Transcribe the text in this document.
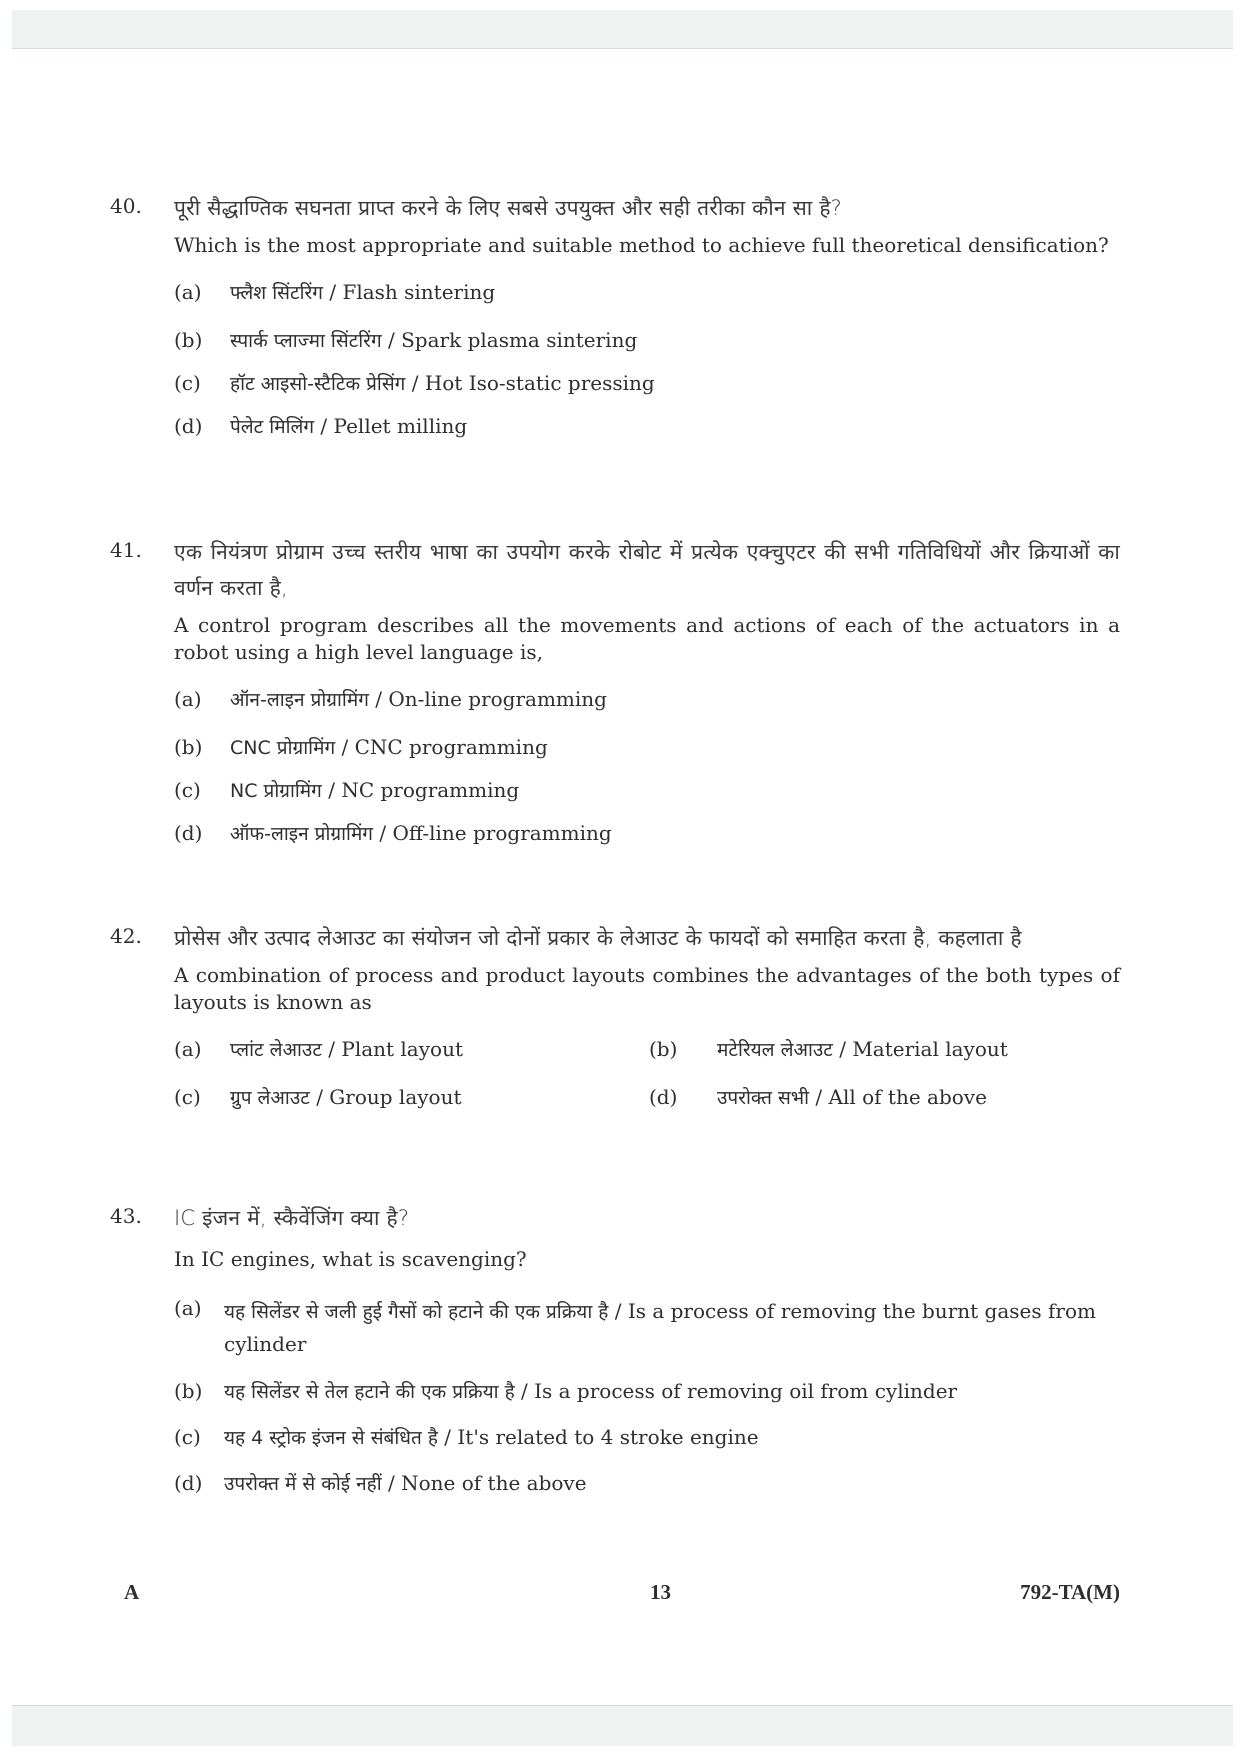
40. पूरी सैद्धाण्तिक सघनता प्राप्त करने के लिए सबसे उपयुक्त और सही तरीका कौन सा है?
Which is the most appropriate and suitable method to achieve full theoretical densification?
(a)	फ्लैश सिंटरिंग / Flash sintering
(b)	स्पार्क प्लाज्मा सिंटरिंग / Spark plasma sintering
(c)	हॉट आइसो-स्टैटिक प्रेसिंग / Hot Iso-static pressing
(d)	पेलेट मिलिंग / Pellet milling
41. एक नियंत्रण प्रोग्राम उच्च स्तरीय भाषा का उपयोग करके रोबोट में प्रत्येक एक्चुएटर की सभी गतिविधियों और क्रियाओं का वर्णन करता है,
A control program describes all the movements and actions of each of the actuators in a robot using a high level language is,
(a)	ऑन-लाइन प्रोग्रामिंग / On-line programming
(b)	CNC प्रोग्रामिंग / CNC programming
(c)	NC प्रोग्रामिंग / NC programming
(d)	ऑफ-लाइन प्रोग्रामिंग / Off-line programming
42. प्रोसेस और उत्पाद लेआउट का संयोजन जो दोनों प्रकार के लेआउट के फायदों को समाहित करता है, कहलाता है
A combination of process and product layouts combines the advantages of the both types of layouts is known as
(a)	प्लांट लेआउट / Plant layout	(b)	मटेरियल लेआउट / Material layout
(c)	ग्रुप लेआउट / Group layout	(d)	उपरोक्त सभी / All of the above
43. IC इंजन में, स्कैवेंजिंग क्या है?
In IC engines, what is scavenging?
(a)	यह सिलेंडर से जली हुई गैसों को हटाने की एक प्रक्रिया है / Is a process of removing the burnt gases from cylinder
(b)	यह सिलेंडर से तेल हटाने की एक प्रक्रिया है / Is a process of removing oil from cylinder
(c)	यह 4 स्ट्रोक इंजन से संबंधित है / It's related to 4 stroke engine
(d)	उपरोक्त में से कोई नहीं / None of the above
A	13	792-TA(M)
